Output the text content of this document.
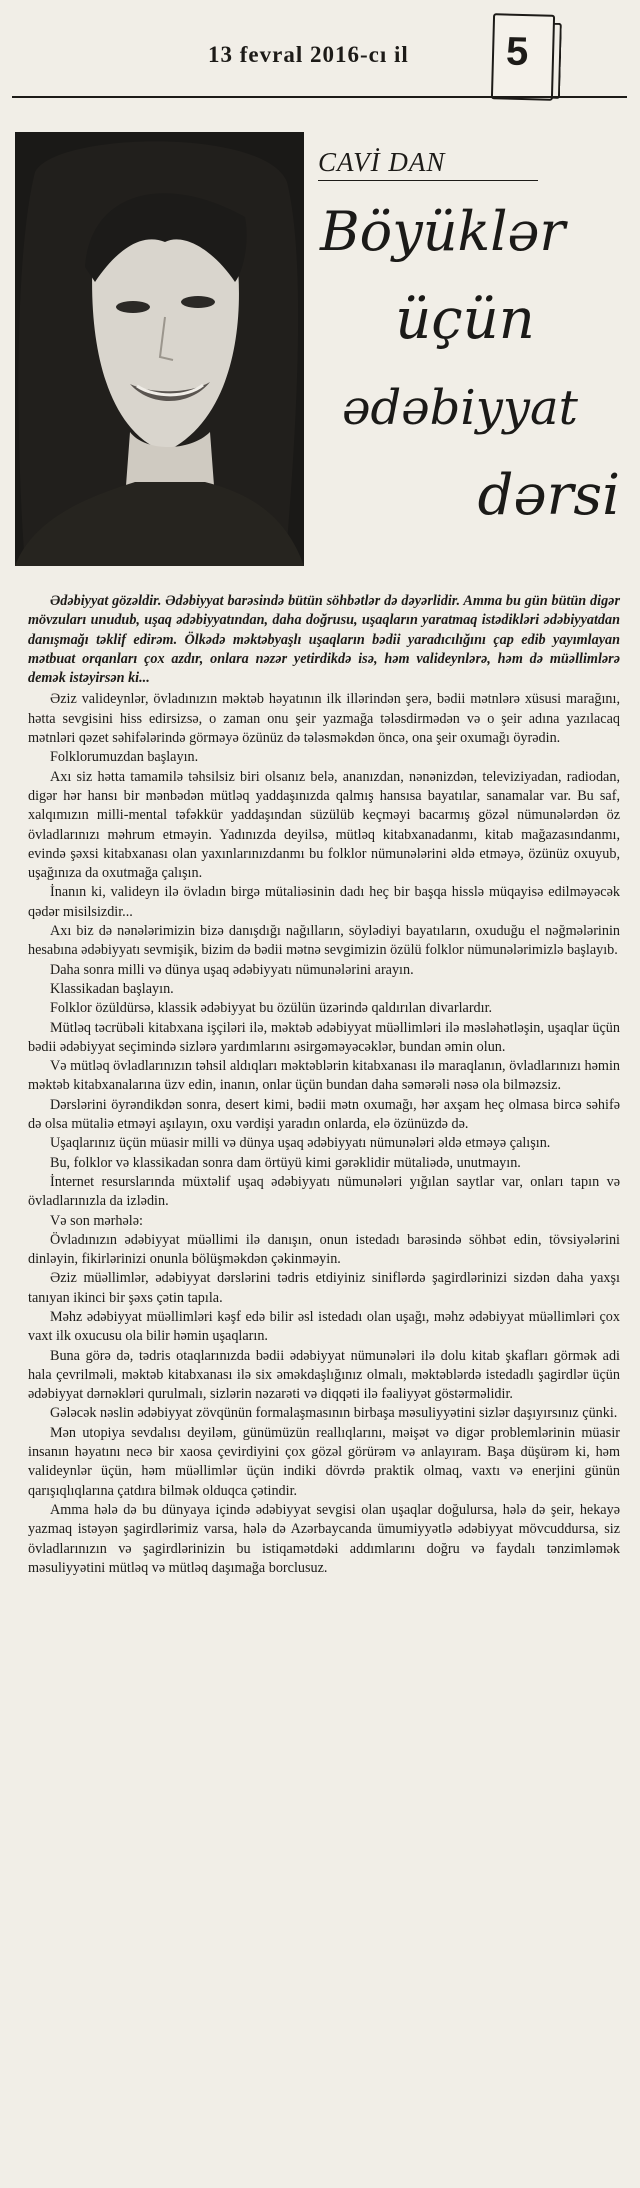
13 fevral 2016-cı il 5
CAVİ DAN
Böyüklər
üçün
ədəbiyyat
dərsi

Ədəbiyyat gözəldir. Ədəbiyyat barəsində bütün söhbətlər də dəyərlidir. Amma bu gün bütün digər mövzuları unudub, uşaq ədəbiyyatından, daha doğrusu, uşaqların yaratmaq istədikləri ədəbiyyatdan danışmağı təklif edirəm. Ölkədə məktəbyaşlı uşaqların bədii yaradıcılığını çap edib yayımlayan mətbuat orqanları çox azdır, onlara nəzər yetirdikdə isə, həm valideynlərə, həm də müəllimlərə demək istəyirsən ki...

Əziz valideynlər, övladınızın məktəb həyatının ilk illərindən şerə, bədii mətnlərə xüsusi marağını, hətta sevgisini hiss edirsizsə, o zaman onu şeir yazmağa tələsdirmədən və o şeir adına yazılacaq mətnləri qəzet səhifələrində görməyə özünüz də tələsməkdən öncə, ona şeir oxumağı öyrədin.

Folklorumuzdan başlayın.

Axı siz hətta tamamilə təhsilsiz biri olsanız belə, ananızdan, nənənizdən, televiziyadan, radiodan, digər hər hansı bir mənbədən mütləq yaddaşınızda qalmış hansısa bayatılar, sanamalar var. Bu saf, xalqımızın milli-mental təfəkkür yaddaşından süzülüb keçməyi bacarmış gözəl nümunələrdən öz övladlarınızı məhrum etməyin. Yadınızda deyilsə, mütləq kitabxanadanmı, kitab mağazasındanmı, evində şəxsi kitabxanası olan yaxınlarınızdanmı bu folklor nümunələrini əldə etməyə, özünüz oxuyub, uşağınıza da oxutmağa çalışın.

İnanın ki, valideyn ilə övladın birgə mütaliəsinin dadı heç bir başqa hisslə müqayisə edilməyəcək qədər misilsizdir...

Axı biz də nənələrimizin bizə danışdığı nağılların, söylədiyi bayatıların, oxuduğu el nəğmələrinin hesabına ədəbiyyatı sevmişik, bizim də bədii mətnə sevgimizin özülü folklor nümunələrimizlə başlayıb.

Daha sonra milli və dünya uşaq ədəbiyyatı nümunələrini arayın.

Klassikadan başlayın.

Folklor özüldürsə, klassik ədəbiyyat bu özülün üzərində qaldırılan divarlardır.

Mütləq təcrübəli kitabxana işçiləri ilə, məktəb ədəbiyyat müəllimləri ilə məsləhətləşin, uşaqlar üçün bədii ədəbiyyat seçimində sizlərə yardımlarını əsirgəməyəcəklər, bundan əmin olun.

Və mütləq övladlarınızın təhsil aldıqları məktəblərin kitabxanası ilə maraqlanın, övladlarınızı həmin məktəb kitabxanalarına üzv edin, inanın, onlar üçün bundan daha səmərəli nəsə ola bilməzsiz.

Dərslərini öyrəndikdən sonra, desert kimi, bədii mətn oxumağı, hər axşam heç olmasa bircə səhifə də olsa mütaliə etməyi aşılayın, oxu vərdişi yaradın onlarda, elə özünüzdə də.

Uşaqlarınız üçün müasir milli və dünya uşaq ədəbiyyatı nümunələri əldə etməyə çalışın.

Bu, folklor və klassikadan sonra dam örtüyü kimi gərəklidir mütaliədə, unutmayın.

İnternet resurslarında müxtəlif uşaq ədəbiyyatı nümunələri yığılan saytlar var, onları tapın və övladlarınızla da izlədin.

Və son mərhələ:

Övladınızın ədəbiyyat müəllimi ilə danışın, onun istedadı barəsində söhbət edin, tövsiyələrini dinləyin, fikirlərinizi onunla bölüşməkdən çəkinməyin.

Əziz müəllimlər, ədəbiyyat dərslərini tədris etdiyiniz siniflərdə şagirdlərinizi sizdən daha yaxşı tanıyan ikinci bir şəxs çətin tapıla.

Məhz ədəbiyyat müəllimləri kəşf edə bilir əsl istedadı olan uşağı, məhz ədəbiyyat müəllimləri çox vaxt ilk oxucusu ola bilir həmin uşaqların.

Buna görə də, tədris otaqlarınızda bədii ədəbiyyat nümunələri ilə dolu kitab şkafları görmək adi hala çevrilməli, məktəb kitabxanası ilə six əməkdaşlığınız olmalı, məktəblərdə istedadlı şagirdlər üçün ədəbiyyat dərnəkləri qurulmalı, sizlərin nəzarəti və diqqəti ilə fəaliyyət göstərməlidir.

Gələcək nəslin ədəbiyyat zövqünün formalaşmasının birbaşa məsuliyyətini sizlər daşıyırsınız çünki.

Mən utopiya sevdalısı deyiləm, günümüzün reallıqlarını, məişət və digər problemlərinin müasir insanın həyatını necə bir xaosa çevirdiyini çox gözəl görürəm və anlayıram. Başa düşürəm ki, həm valideynlər üçün, həm müəllimlər üçün indiki dövrdə praktik olmaq, vaxtı və enerjini günün qarışıqlıqlarına çatdıra bilmək olduqca çətindir.

Amma hələ də bu dünyaya içində ədəbiyyat sevgisi olan uşaqlar doğulursa, hələ də şeir, hekayə yazmaq istəyən şagirdlərimiz varsa, hələ də Azərbaycanda ümumiyyətlə ədəbiyyat mövcuddursa, siz övladlarınızın və şagirdlərinizin bu istiqamətdəki addımlarını doğru və faydalı tənzimləmək məsuliyyətini mütləq və mütləq daşımağa borclusuz.
